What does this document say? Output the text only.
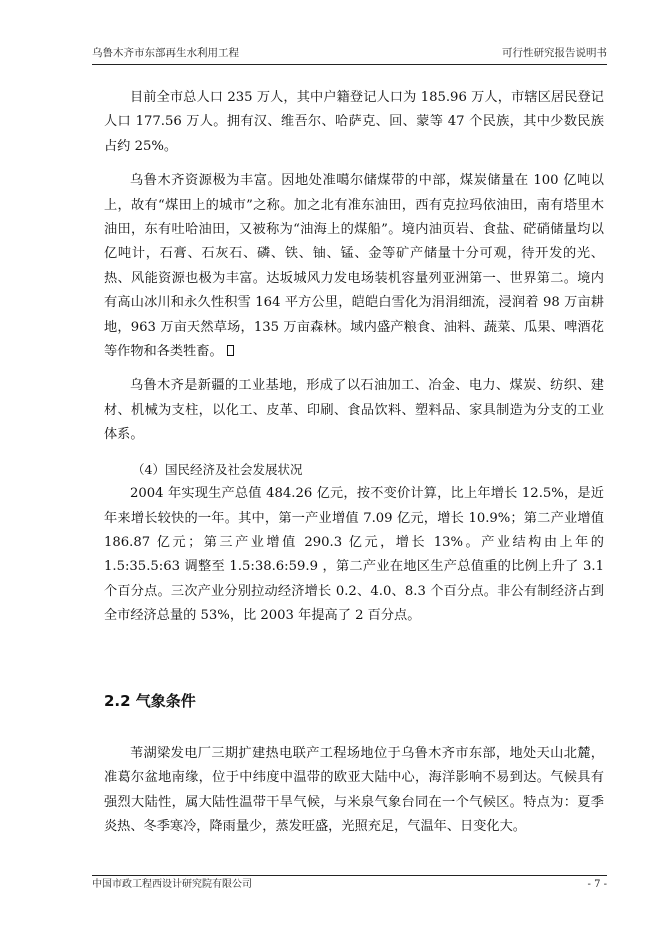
乌鲁木齐市东部再生水利用工程	可行性研究报告说明书

目前全市总人口 235 万人，其中户籍登记人口为 185.96 万人，市辖区居民登记人口 177.56 万人。拥有汉、维吾尔、哈萨克、回、蒙等 47 个民族，其中少数民族占约 25%。

乌鲁木齐资源极为丰富。因地处准噶尔储煤带的中部，煤炭储量在 100 亿吨以上，故有“煤田上的城市”之称。加之北有准东油田，西有克拉玛依油田，南有塔里木油田，东有吐哈油田，又被称为“油海上的煤船”。境内油页岩、食盐、硭硝储量均以亿吨计，石膏、石灰石、磷、铁、铀、锰、金等矿产储量十分可观，待开发的光、热、风能资源也极为丰富。达坂城风力发电场装机容量列亚洲第一、世界第二。境内有高山冰川和永久性积雪 164 平方公里，皑皑白雪化为涓涓细流，浸润着 98 万亩耕地，963 万亩天然草场，135 万亩森林。域内盛产粮食、油料、蔬菜、瓜果、啤酒花等作物和各类牲畜。

乌鲁木齐是新疆的工业基地，形成了以石油加工、冶金、电力、煤炭、纺织、建材、机械为支柱，以化工、皮革、印刷、食品饮料、塑料品、家具制造为分支的工业体系。

（4）国民经济及社会发展状况

2004 年实现生产总值 484.26 亿元，按不变价计算，比上年增长 12.5%，是近年来增长较快的一年。其中，第一产业增值 7.09 亿元，增长 10.9%；第二产业增值 186.87 亿元；第三产业增值 290.3 亿元，增长 13%。产业结构由上年的 1.5:35.5:63 调整至 1.5:38.6:59.9 ，第二产业在地区生产总值重的比例上升了 3.1 个百分点。三次产业分别拉动经济增长 0.2、4.0、8.3 个百分点。非公有制经济占到全市经济总量的 53%，比 2003 年提高了 2 百分点。

2.2 气象条件

苇湖梁发电厂三期扩建热电联产工程场地位于乌鲁木齐市东部，地处天山北麓，准葛尔盆地南缘，位于中纬度中温带的欧亚大陆中心，海洋影响不易到达。气候具有强烈大陆性，属大陆性温带干旱气候，与米泉气象台同在一个气候区。特点为：夏季炎热、冬季寒冷，降雨量少，蒸发旺盛，光照充足，气温年、日变化大。

中国市政工程西设计研究院有限公司	- 7 -
